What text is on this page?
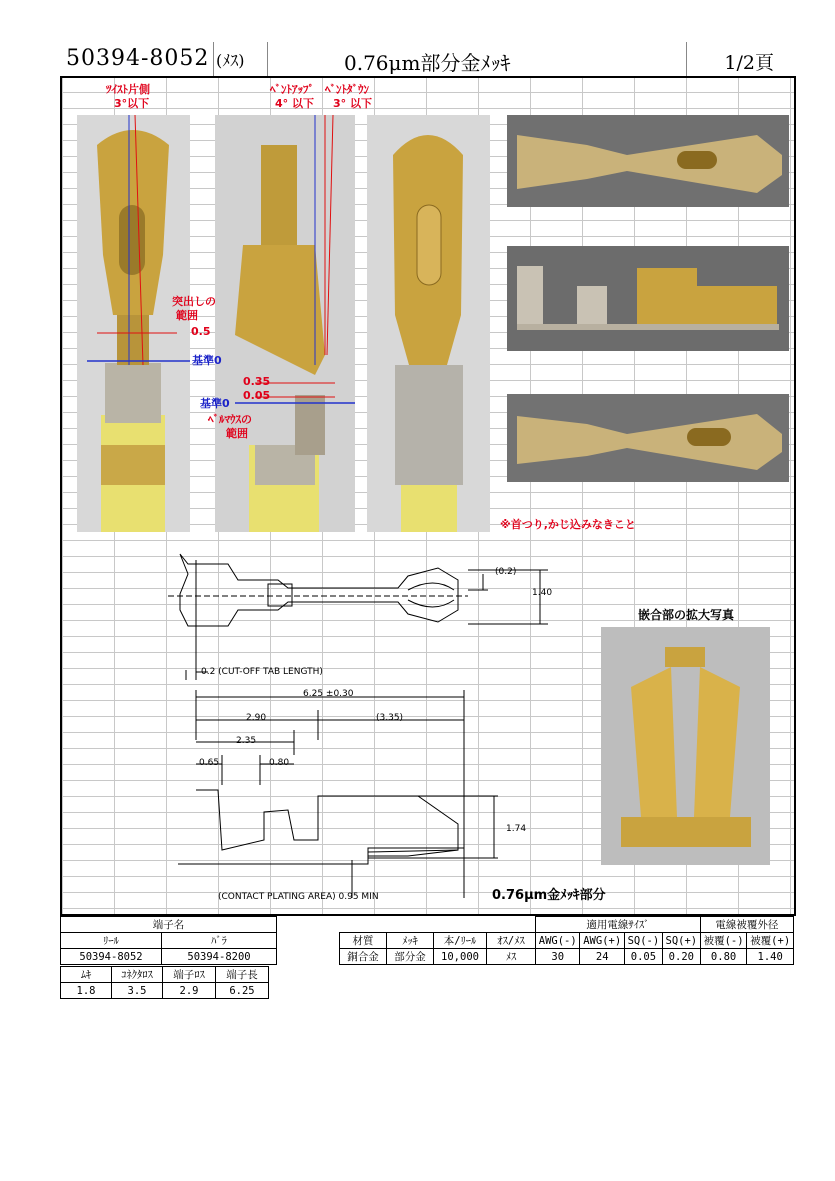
50394-8052 (ﾒｽ)	0.76μm部分金ﾒｯｷ	1/2頁
ﾂｲｽﾄ片側
3°以下
ﾍﾞﾝﾄｱｯﾌﾟ
4° 以下
ﾍﾞﾝﾄﾀﾞｳﾝ
3° 以下
突出しの
範囲
0.5
基準0
0.35
0.05
基準0
ﾍﾞﾙﾏｳｽの
範囲
※首つり,かじ込みなきこと
嵌合部の拡大写真
(0.2)
1.40
0.2 (CUT-OFF TAB LENGTH)
6.25 ±0.30
2.90	(3.35)
2.35
0.65	0.80
1.74
(CONTACT PLATING AREA) 0.95 MIN	0.76μm金ﾒｯｷ部分
端子名							適用電線ｻｲｽﾞ				電線被覆外径	
ﾘｰﾙ	ﾊﾞﾗ		材質	ﾒｯｷ	本/ﾘｰﾙ	ｵｽ/ﾒｽ	AWG(-)	AWG(+)	SQ(-)	SQ(+)	被覆(-)	被覆(+)
50394-8052	50394-8200		銅合金	部分金	10,000	ﾒｽ	30	24	0.05	0.20	0.80	1.40
ﾑｷ	ｺﾈｸﾀﾛｽ	端子ﾛｽ	端子長
1.8	3.5	2.9	6.25
